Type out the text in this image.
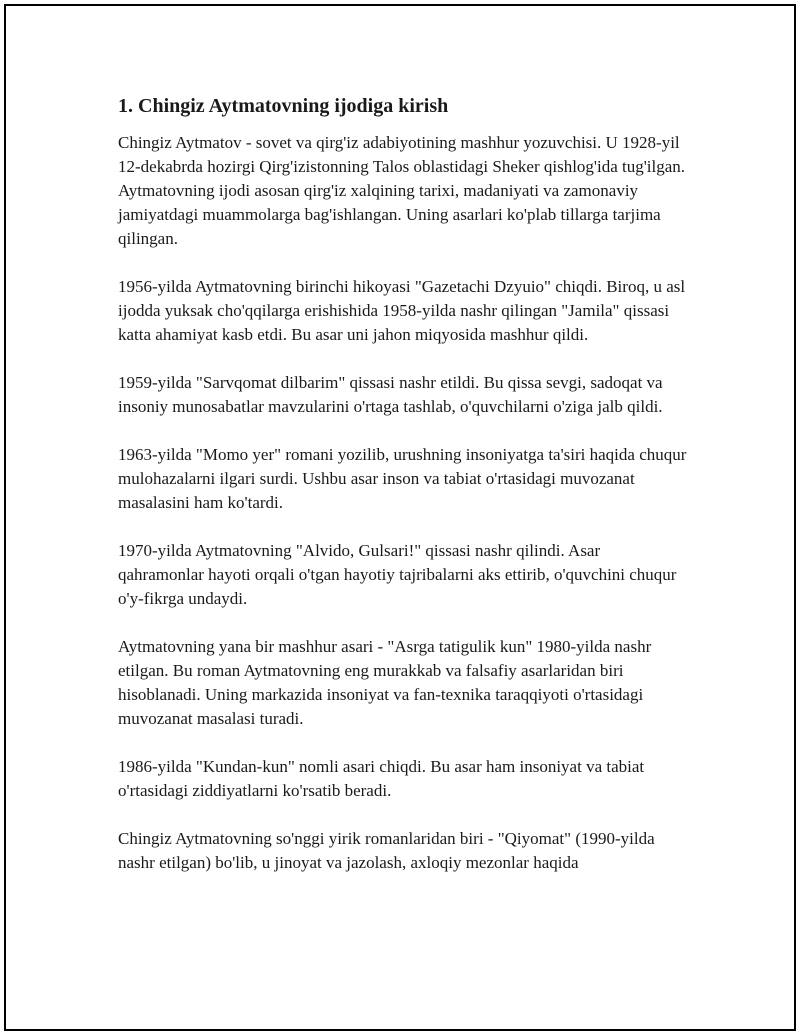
1. Chingiz Aytmatovning ijodiga kirish

Chingiz Aytmatov - sovet va qirg'iz adabiyotining mashhur yozuvchisi. U 1928-yil 12-dekabrda hozirgi Qirg'izistonning Talos oblastidagi Sheker qishlog'ida tug'ilgan. Aytmatovning ijodi asosan qirg'iz xalqining tarixi, madaniyati va zamonaviy jamiyatdagi muammolarga bag'ishlangan. Uning asarlari ko'plab tillarga tarjima qilingan.

1956-yilda Aytmatovning birinchi hikoyasi "Gazetachi Dzyuio" chiqdi. Biroq, u asl ijodda yuksak cho'qqilarga erishishida 1958-yilda nashr qilingan "Jamila" qissasi katta ahamiyat kasb etdi. Bu asar uni jahon miqyosida mashhur qildi.

1959-yilda "Sarvqomat dilbarim" qissasi nashr etildi. Bu qissa sevgi, sadoqat va insoniy munosabatlar mavzularini o'rtaga tashlab, o'quvchilarni o'ziga jalb qildi.

1963-yilda "Momo yer" romani yozilib, urushning insoniyatga ta'siri haqida chuqur mulohazalarni ilgari surdi. Ushbu asar inson va tabiat o'rtasidagi muvozanat masalasini ham ko'tardi.

1970-yilda Aytmatovning "Alvido, Gulsari!" qissasi nashr qilindi. Asar qahramonlar hayoti orqali o'tgan hayotiy tajribalarni aks ettirib, o'quvchini chuqur o'y-fikrga undaydi.

Aytmatovning yana bir mashhur asari - "Asrga tatigulik kun" 1980-yilda nashr etilgan. Bu roman Aytmatovning eng murakkab va falsafiy asarlaridan biri hisoblanadi. Uning markazida insoniyat va fan-texnika taraqqiyoti o'rtasidagi muvozanat masalasi turadi.

1986-yilda "Kundan-kun" nomli asari chiqdi. Bu asar ham insoniyat va tabiat o'rtasidagi ziddiyatlarni ko'rsatib beradi.

Chingiz Aytmatovning so'nggi yirik romanlaridan biri - "Qiyomat" (1990-yilda nashr etilgan) bo'lib, u jinoyat va jazolash, axloqiy mezonlar haqida
